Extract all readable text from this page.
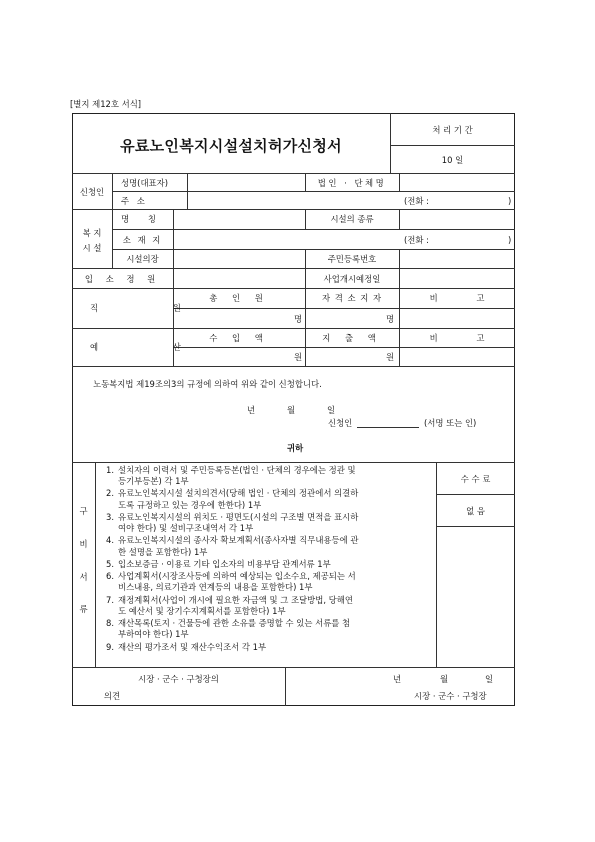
[별지 제12호 서식]
유료노인복지시설설치허가신청서
처 리 기 간
10 일
신청인
성명(대표자)	법인 · 단체명
주 소	(전화 :	)
복 지
시 설
명 칭	시설의 종류
소 재 지	(전화 :	)
시설의장	주민등록번호
입 소 정 원	사업개시예정일
직 원
총 인 원	자 격 소 지 자	비 고
명	명
예 산
수 입 액	지 출 액	비 고
원	원
노동복지법 제19조의3의 규정에 의하여 위와 같이 신청합니다.
년	월	일
신청인	(서명 또는 인)
귀하
수 수 료
없 음
구
비
서
류
1. 설치자의 이력서 및 주민등록등본(법인 · 단체의 경우에는 정관 및
등기부등본) 각 1부
2. 유료노인복지시설 설치의견서(당해 법인 · 단체의 정관에서 의결하
도록 규정하고 있는 경우에 한한다) 1부
3. 유료노인복지시설의 위치도 · 평면도(시설의 구조별 면적을 표시하
여야 한다) 및 설비구조내역서 각 1부
4. 유료노인복지시설의 종사자 확보계획서(종사자별 직무내용등에 관
한 설명을 포함한다) 1부
5. 입소보증금 · 이용료 기타 입소자의 비용부담 관계서류 1부
6. 사업계획서(시장조사등에 의하여 예상되는 입소수요, 제공되는 서
비스내용, 의료기관과 연계등의 내용을 포함한다) 1부
7. 재정계획서(사업이 개시에 필요한 자금액 및 그 조달방법, 당해연
도 예산서 및 장기수지계획서를 포함한다) 1부
8. 재산목록(토지 · 건물등에 관한 소유를 증명할 수 있는 서류를 첨
부하여야 한다) 1부
9. 재산의 평가조서 및 재산수익조서 각 1부
시장 · 군수 · 구청장의
의견
년	월	일
시장 · 군수 · 구청장
